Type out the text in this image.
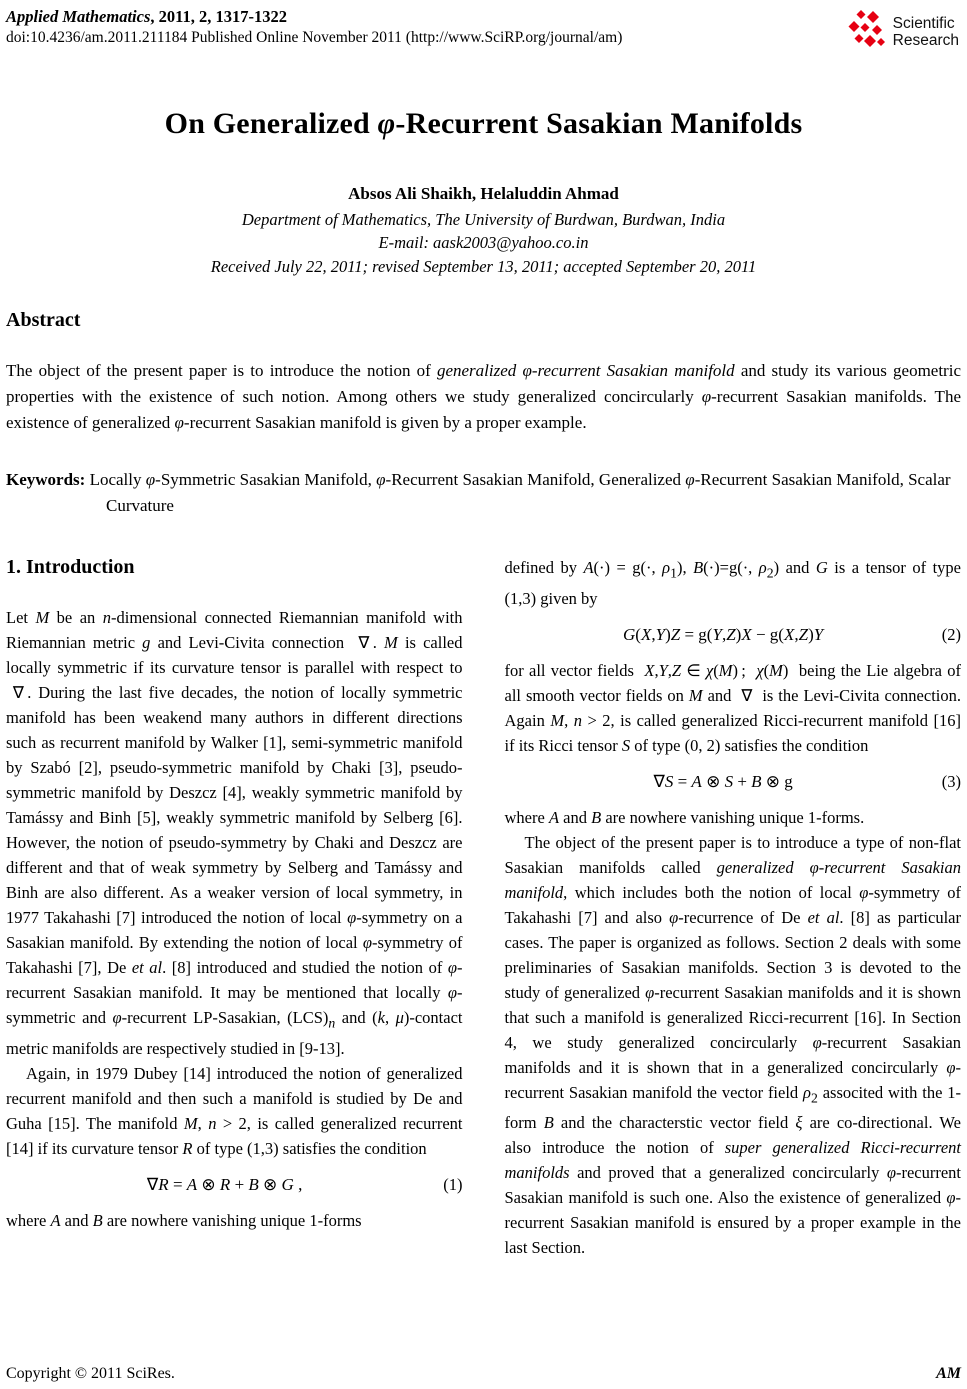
Applied Mathematics, 2011, 2, 1317-1322
doi:10.4236/am.2011.211184 Published Online November 2011 (http://www.SciRP.org/journal/am)
Scientific
Research
On Generalized φ-Recurrent Sasakian Manifolds
Absos Ali Shaikh, Helaluddin Ahmad
Department of Mathematics, The University of Burdwan, Burdwan, India
E-mail: aask2003@yahoo.co.in
Received July 22, 2011; revised September 13, 2011; accepted September 20, 2011
Abstract

The object of the present paper is to introduce the notion of generalized φ-recurrent Sasakian manifold and study its various geometric properties with the existence of such notion. Among others we study generalized concircularly φ-recurrent Sasakian manifolds. The existence of generalized φ-recurrent Sasakian manifold is given by a proper example.

Keywords: Locally φ-Symmetric Sasakian Manifold, φ-Recurrent Sasakian Manifold, Generalized φ-Recurrent Sasakian Manifold, Scalar Curvature

1. Introduction

Let M be an n-dimensional connected Riemannian manifold with Riemannian metric g and Levi-Civita connection  ∇ . M is called locally symmetric if its curvature tensor is parallel with respect to  ∇ . During the last five decades, the notion of locally symmetric manifold has been weakend many authors in different directions such as recurrent manifold by Walker [1], semi-symmetric manifold by Szabó [2], pseudo-symmetric manifold by Chaki [3], pseudo-symmetric manifold by Deszcz [4], weakly symmetric manifold by Tamássy and Binh [5], weakly symmetric manifold by Selberg [6]. However, the notion of pseudo-symmetry by Chaki and Deszcz are different and that of weak symmetry by Selberg and Tamássy and Binh are also different. As a weaker version of local symmetry, in 1977 Takahashi [7] introduced the notion of local φ-symmetry on a Sasakian manifold. By extending the notion of local φ-symmetry of Takahashi [7], De et al. [8] introduced and studied the notion of φ-recurrent Sasakian manifold. It may be mentioned that locally φ-symmetric and φ-recurrent LP-Sasakian, $(LCS)_n$ and (k, μ)-contact metric manifolds are respectively studied in [9-13].

Again, in 1979 Dubey [14] introduced the notion of generalized recurrent manifold and then such a manifold is studied by De and Guha [15]. The manifold M, n > 2, is called generalized recurrent [14] if its curvature tensor R of type (1,3) satisfies the condition

∇R = A ⊗ R + B ⊗ G ,	(1)

where A and B are nowhere vanishing unique 1-forms

defined by A(·) = g(·, $\rho_1$), B(·)=g(·, $\rho_2$) and G is a tensor of type (1,3) given by

G(X,Y)Z = g(Y,Z)X − g(X,Z)Y	(2)

for all vector fields  X,Y,Z ∈ χ(M) ;  χ(M)  being the Lie algebra of all smooth vector fields on M and  ∇  is the Levi-Civita connection. Again M, n > 2, is called generalized Ricci-recurrent manifold [16] if its Ricci tensor S of type (0, 2) satisfies the condition

∇S = A ⊗ S + B ⊗ g	(3)

where A and B are nowhere vanishing unique 1-forms.

The object of the present paper is to introduce a type of non-flat Sasakian manifolds called generalized φ-recurrent Sasakian manifold, which includes both the notion of local φ-symmetry of Takahashi [7] and also φ-recurrence of De et al. [8] as particular cases. The paper is organized as follows. Section 2 deals with some preliminaries of Sasakian manifolds. Section 3 is devoted to the study of generalized φ-recurrent Sasakian manifolds and it is shown that such a manifold is generalized Ricci-recurrent [16]. In Section 4, we study generalized concircularly φ-recurrent Sasakian manifolds and it is shown that in a generalized concircularly φ-recurrent Sasakian manifold the vector field $\rho_2$ associted with the 1-form B and the characterstic vector field ξ are co-directional. We also introduce the notion of super generalized Ricci-recurrent manifolds and proved that a generalized concircularly φ-recurrent Sasakian manifold is such one. Also the existence of generalized φ-recurrent Sasakian manifold is ensured by a proper example in the last Section.

Copyright © 2011 SciRes.	AM
